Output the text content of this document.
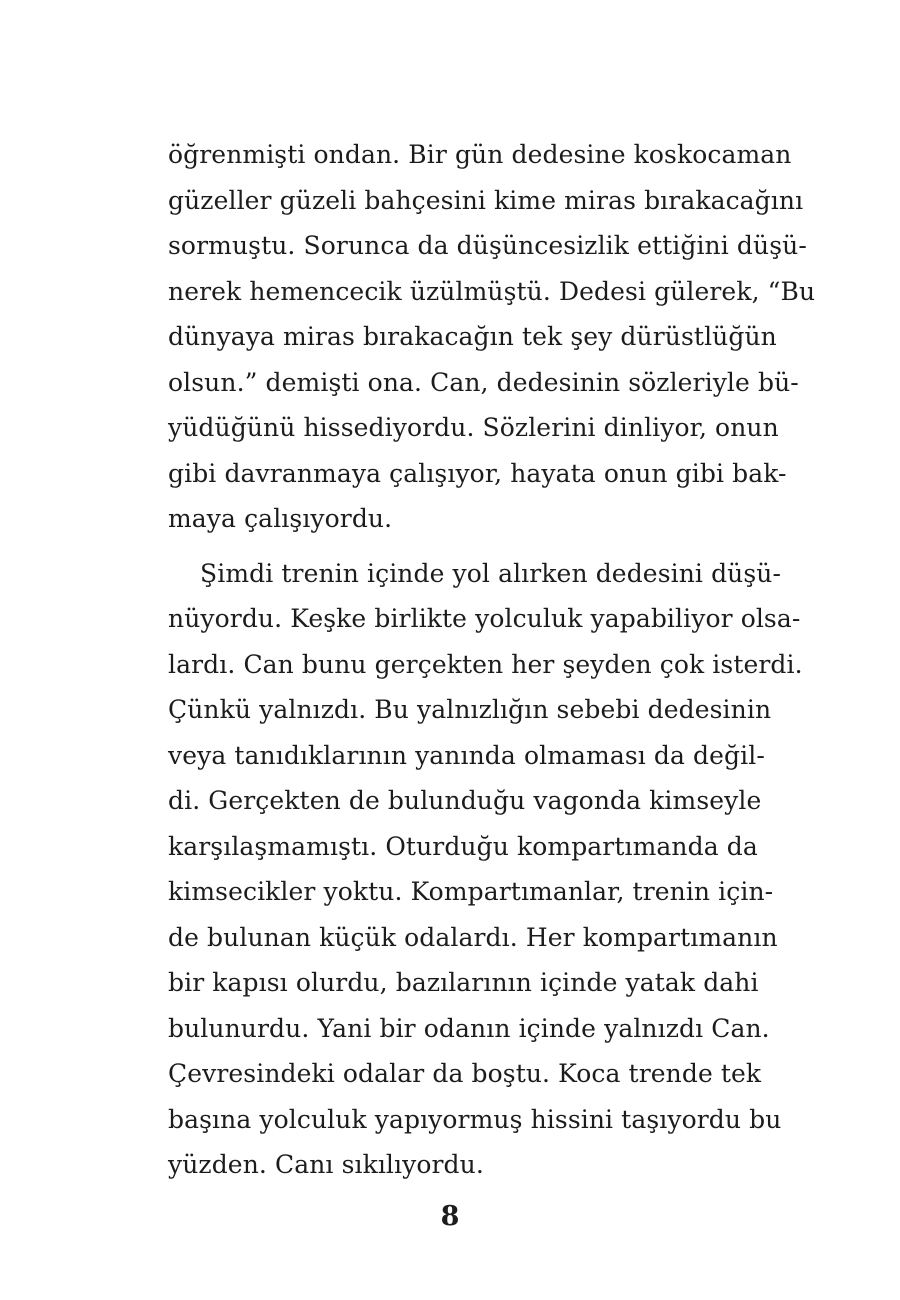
öğrenmişti ondan. Bir gün dedesine koskocaman
güzeller güzeli bahçesini kime miras bırakacağını
sormuştu. Sorunca da düşüncesizlik ettiğini düşü-
nerek hemencecik üzülmüştü. Dedesi gülerek, “Bu
dünyaya miras bırakacağın tek şey dürüstlüğün
olsun.” demişti ona. Can, dedesinin sözleriyle bü-
yüdüğünü hissediyordu. Sözlerini dinliyor, onun
gibi davranmaya çalışıyor, hayata onun gibi bak-
maya çalışıyordu.
Şimdi trenin içinde yol alırken dedesini düşü-
nüyordu. Keşke birlikte yolculuk yapabiliyor olsa-
lardı. Can bunu gerçekten her şeyden çok isterdi.
Çünkü yalnızdı. Bu yalnızlığın sebebi dedesinin
veya tanıdıklarının yanında olmaması da değil-
di. Gerçekten de bulunduğu vagonda kimseyle
karşılaşmamıştı. Oturduğu kompartımanda da
kimsecikler yoktu. Kompartımanlar, trenin için-
de bulunan küçük odalardı. Her kompartımanın
bir kapısı olurdu, bazılarının içinde yatak dahi
bulunurdu. Yani bir odanın içinde yalnızdı Can.
Çevresindeki odalar da boştu. Koca trende tek
başına yolculuk yapıyormuş hissini taşıyordu bu
yüzden. Canı sıkılıyordu.
8
